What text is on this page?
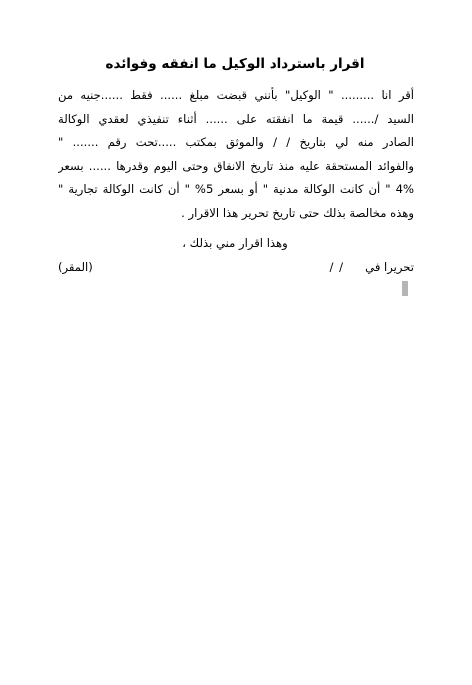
اقرار باسترداد الوكيل ما انفقه وفوائده
أقر انا ......... " الوكيل" بأنني قبضت مبلغ ...... فقط ......جنيه من
السيد /...... قيمة ما انفقته على ...... أثناء تنفيذي لعقدي الوكالة
الصادر منه لي بتاريخ / / والموثق بمكتب .....تحت رقم ....... "
والفوائد المستحقة عليه منذ تاريخ الانفاق وحتى اليوم وقدرها ...... بسعر
4% " أن كانت الوكالة مدنية " أو بسعر 5% " أن كانت الوكالة تجارية "
وهذه مخالصة بذلك حتى تاريخ تحرير هذا الاقرار .
وهذا اقرار مني بذلك ،
تحريرا في
/ /
(المقر)
